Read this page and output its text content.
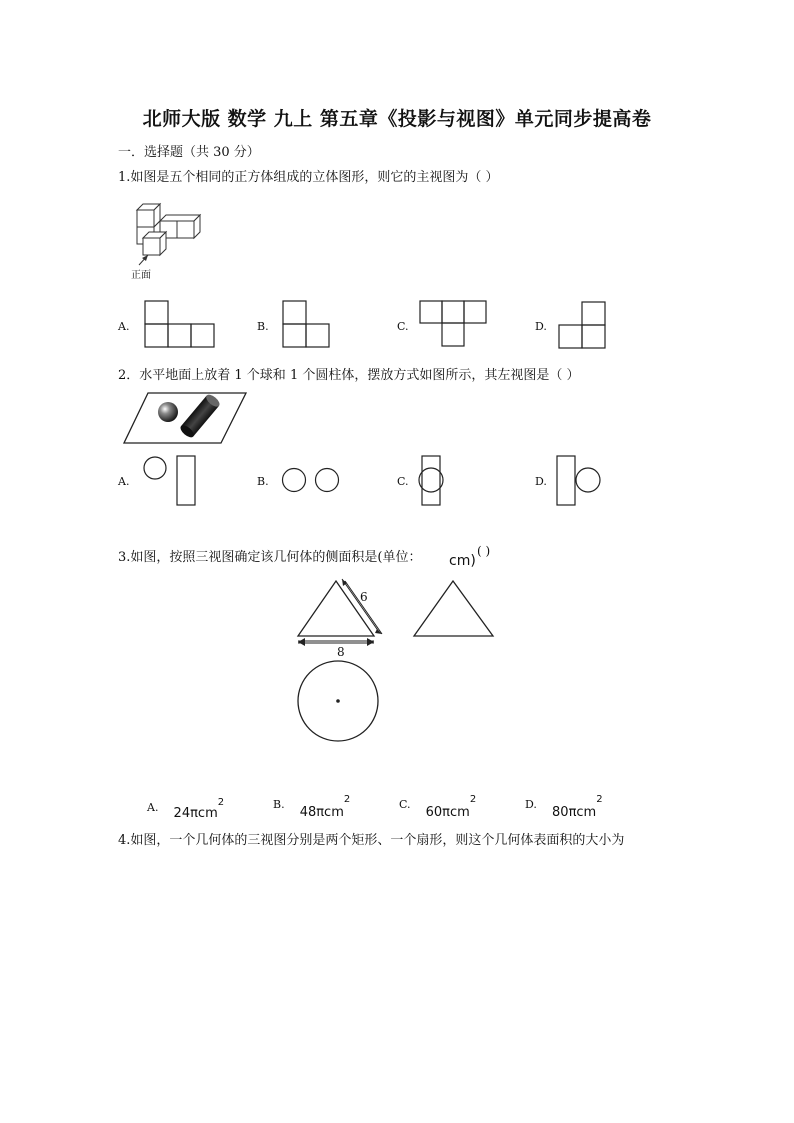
北师大版 数学 九上 第五章《投影与视图》单元同步提高卷
一．选择题（共 30 分）
1.如图是五个相同的正方体组成的立体图形，则它的主视图为（ ）
正面
A.	B.	C.	D.
2．水平地面上放着 1 个球和 1 个圆柱体，摆放方式如图所示，其左视图是（ ）
A.	B.	C.	D.
3.如图，按照三视图确定该几何体的侧面积是(单位： cm)
( )
6
8
A. $_{24\pi cm}^2$	B. $_{48\pi cm}^2$	C. $_{60\pi cm}^2$	D. $_{80\pi cm}^2$
4.如图，一个几何体的三视图分别是两个矩形、一个扇形，则这个几何体表面积的大小为
